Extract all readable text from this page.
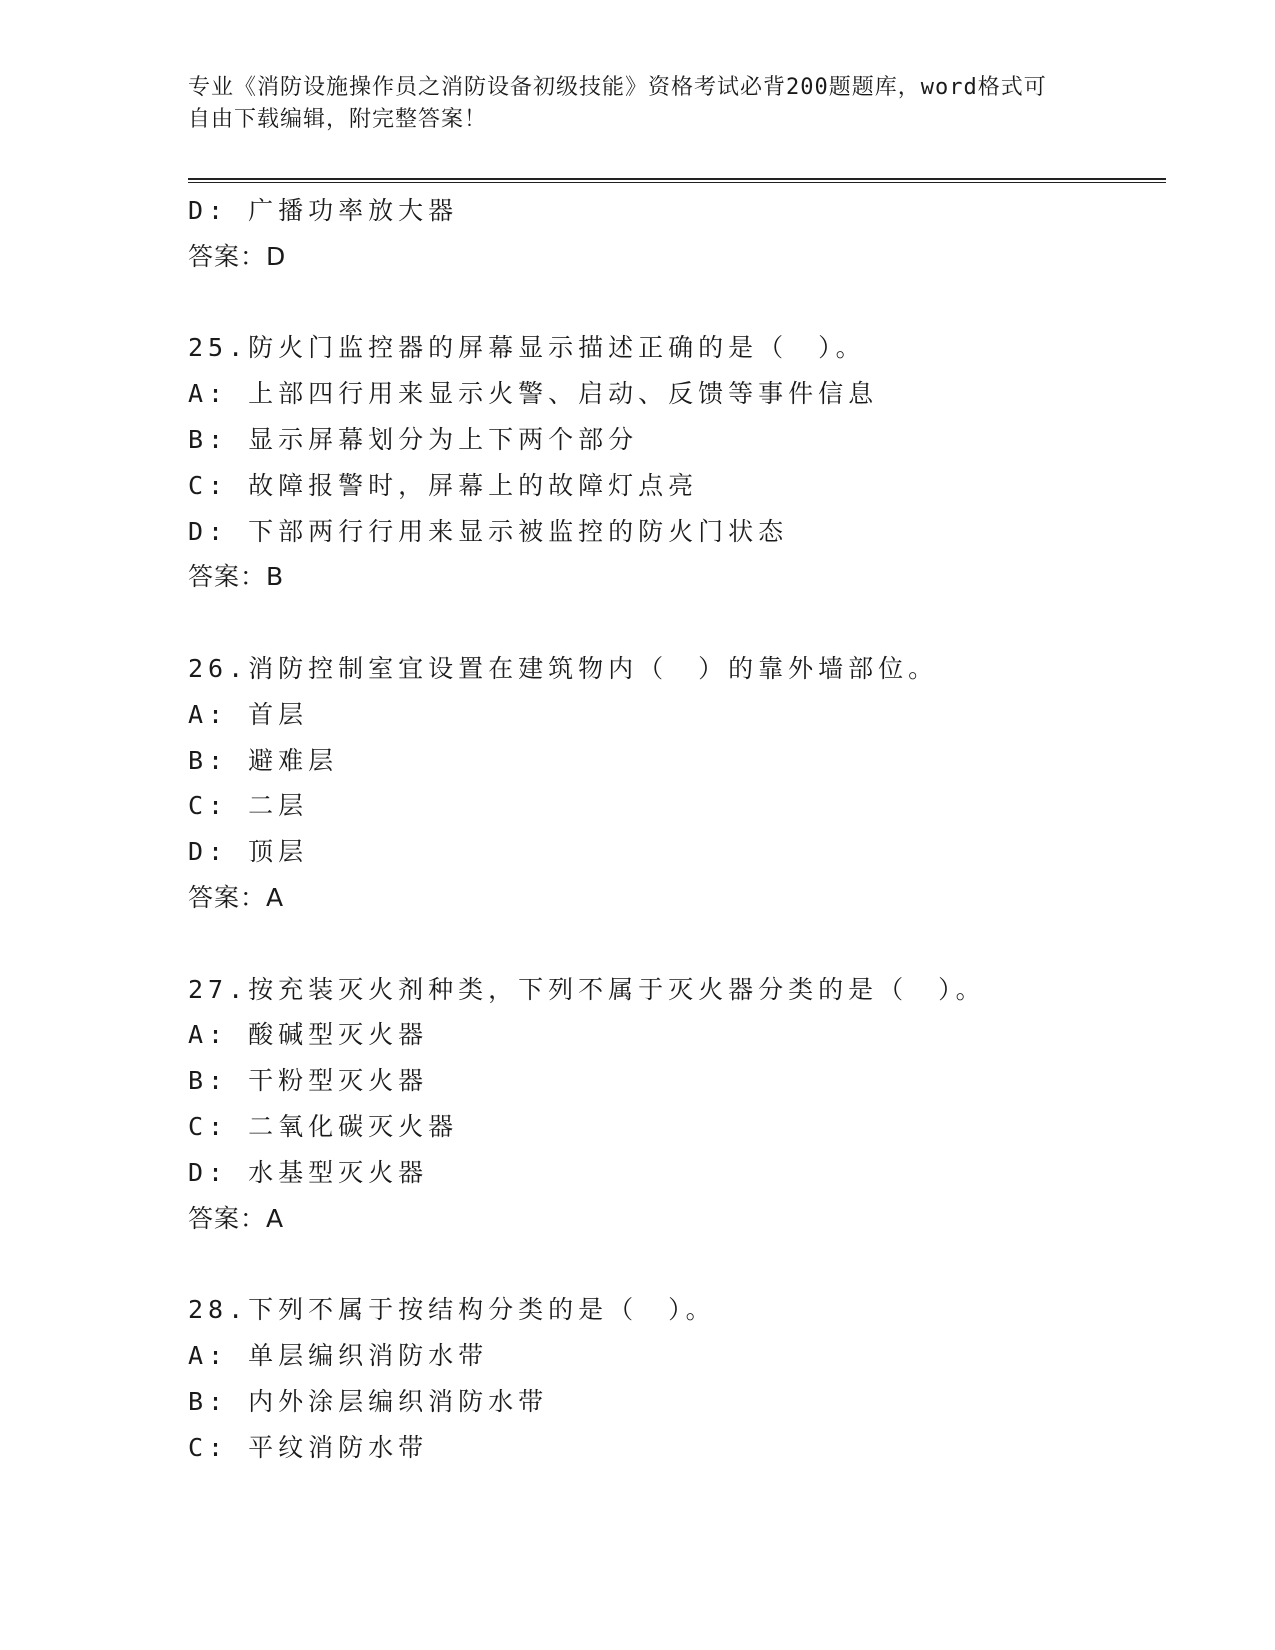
专业《消防设施操作员之消防设备初级技能》资格考试必背200题题库，word格式可自由下载编辑，附完整答案！
D: 广播功率放大器
答案：D
25.防火门监控器的屏幕显示描述正确的是（　）。
A: 上部四行用来显示火警、启动、反馈等事件信息
B: 显示屏幕划分为上下两个部分
C: 故障报警时，屏幕上的故障灯点亮
D: 下部两行行用来显示被监控的防火门状态
答案：B
26.消防控制室宜设置在建筑物内（　）的靠外墙部位。
A: 首层
B: 避难层
C: 二层
D: 顶层
答案：A
27.按充装灭火剂种类，下列不属于灭火器分类的是（　）。
A: 酸碱型灭火器
B: 干粉型灭火器
C: 二氧化碳灭火器
D: 水基型灭火器
答案：A
28.下列不属于按结构分类的是（　）。
A: 单层编织消防水带
B: 内外涂层编织消防水带
C: 平纹消防水带
